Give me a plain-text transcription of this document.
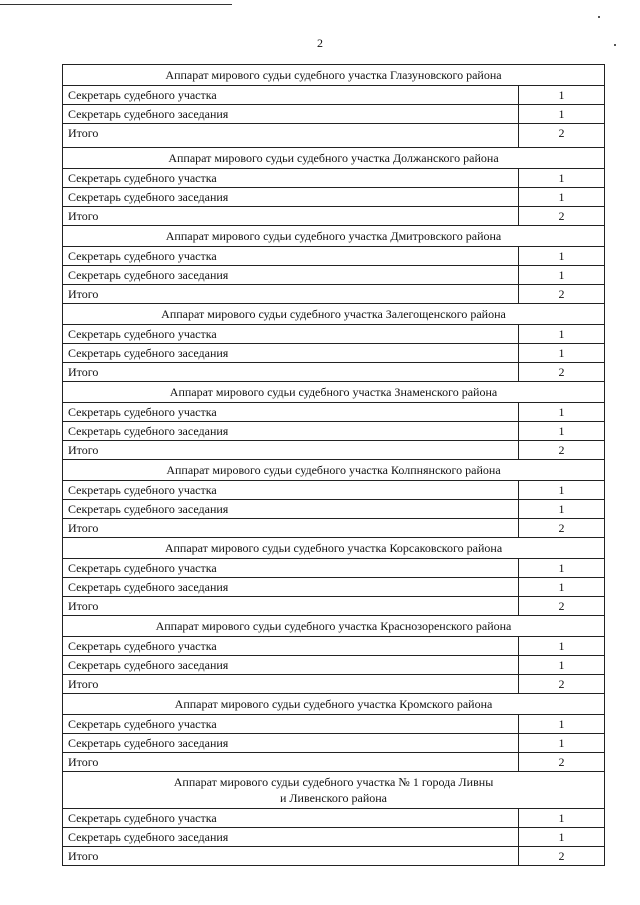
2
Аппарат мирового судьи судебного участка Глазуновского района	
Секретарь судебного участка	1
Секретарь судебного заседания	1
Итого	2
Аппарат мирового судьи судебного участка Должанского района	
Секретарь судебного участка	1
Секретарь судебного заседания	1
Итого	2
Аппарат мирового судьи судебного участка Дмитровского района	
Секретарь судебного участка	1
Секретарь судебного заседания	1
Итого	2
Аппарат мирового судьи судебного участка Залегощенского района	
Секретарь судебного участка	1
Секретарь судебного заседания	1
Итого	2
Аппарат мирового судьи судебного участка Знаменского района	
Секретарь судебного участка	1
Секретарь судебного заседания	1
Итого	2
Аппарат мирового судьи судебного участка Колпнянского района	
Секретарь судебного участка	1
Секретарь судебного заседания	1
Итого	2
Аппарат мирового судьи судебного участка Корсаковского района	
Секретарь судебного участка	1
Секретарь судебного заседания	1
Итого	2
Аппарат мирового судьи судебного участка Краснозоренского района	
Секретарь судебного участка	1
Секретарь судебного заседания	1
Итого	2
Аппарат мирового судьи судебного участка Кромского района	
Секретарь судебного участка	1
Секретарь судебного заседания	1
Итого	2

Аппарат мирового судьи судебного участка № 1 города Ливны
и Ливенского района	

Секретарь судебного участка	1
Секретарь судебного заседания	1
Итого	2
